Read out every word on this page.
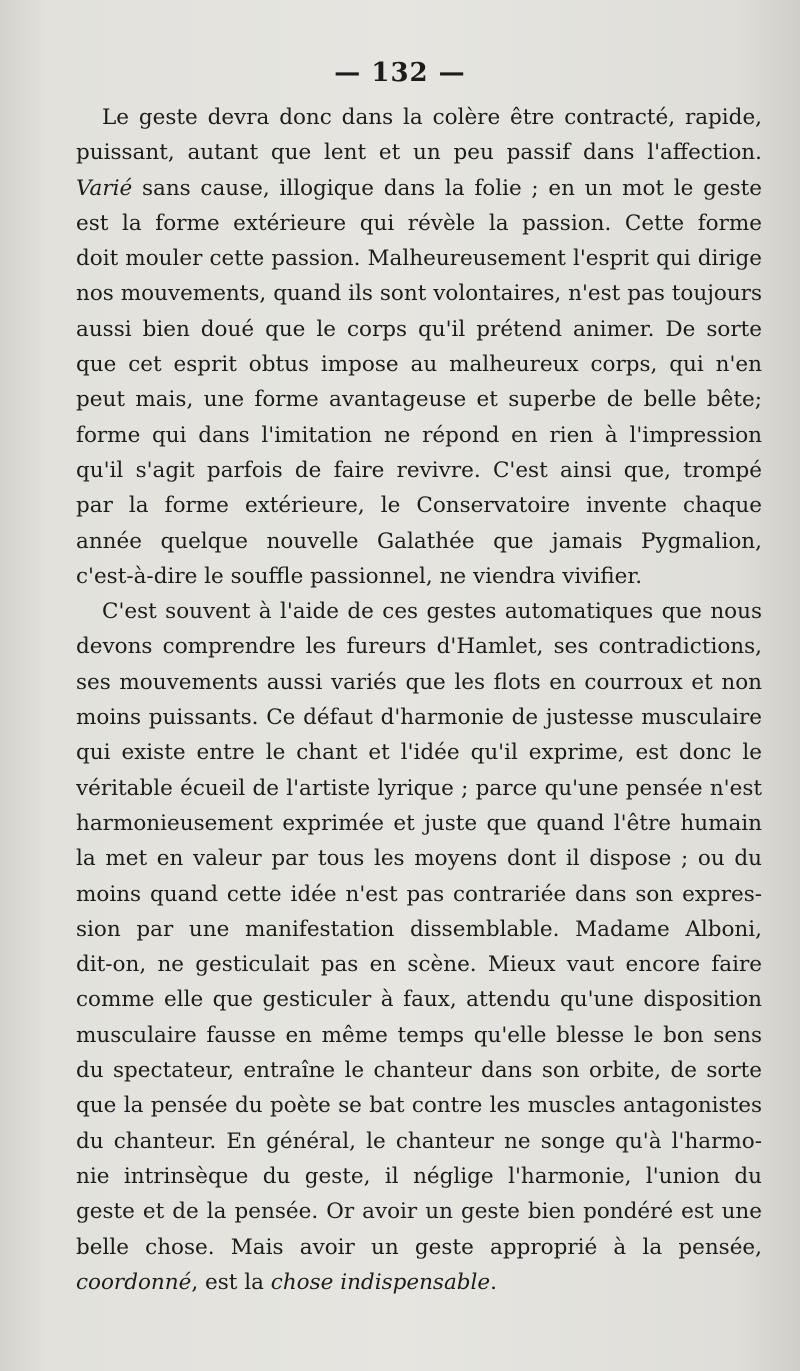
— 132 —
Le geste devra donc dans la colère être contracté, rapide,
puissant, autant que lent et un peu passif dans l'affection.
Varié sans cause, illogique dans la folie ; en un mot le geste
est la forme extérieure qui révèle la passion. Cette forme
doit mouler cette passion. Malheureusement l'esprit qui dirige
nos mouvements, quand ils sont volontaires, n'est pas toujours
aussi bien doué que le corps qu'il prétend animer. De sorte
que cet esprit obtus impose au malheureux corps, qui n'en
peut mais, une forme avantageuse et superbe de belle bête;
forme qui dans l'imitation ne répond en rien à l'impression
qu'il s'agit parfois de faire revivre. C'est ainsi que, trompé
par la forme extérieure, le Conservatoire invente chaque
année quelque nouvelle Galathée que jamais Pygmalion,
c'est-à-dire le souffle passionnel, ne viendra vivifier.
C'est souvent à l'aide de ces gestes automatiques que nous
devons comprendre les fureurs d'Hamlet, ses contradictions,
ses mouvements aussi variés que les flots en courroux et non
moins puissants. Ce défaut d'harmonie de justesse musculaire
qui existe entre le chant et l'idée qu'il exprime, est donc le
véritable écueil de l'artiste lyrique ; parce qu'une pensée n'est
harmonieusement exprimée et juste que quand l'être humain
la met en valeur par tous les moyens dont il dispose ; ou du
moins quand cette idée n'est pas contrariée dans son expres-
sion par une manifestation dissemblable. Madame Alboni,
dit-on, ne gesticulait pas en scène. Mieux vaut encore faire
comme elle que gesticuler à faux, attendu qu'une disposition
musculaire fausse en même temps qu'elle blesse le bon sens
du spectateur, entraîne le chanteur dans son orbite, de sorte
que la pensée du poète se bat contre les muscles antagonistes
du chanteur. En général, le chanteur ne songe qu'à l'harmo-
nie intrinsèque du geste, il néglige l'harmonie, l'union du
geste et de la pensée. Or avoir un geste bien pondéré est une
belle chose. Mais avoir un geste approprié à la pensée,
coordonné, est la chose indispensable.
